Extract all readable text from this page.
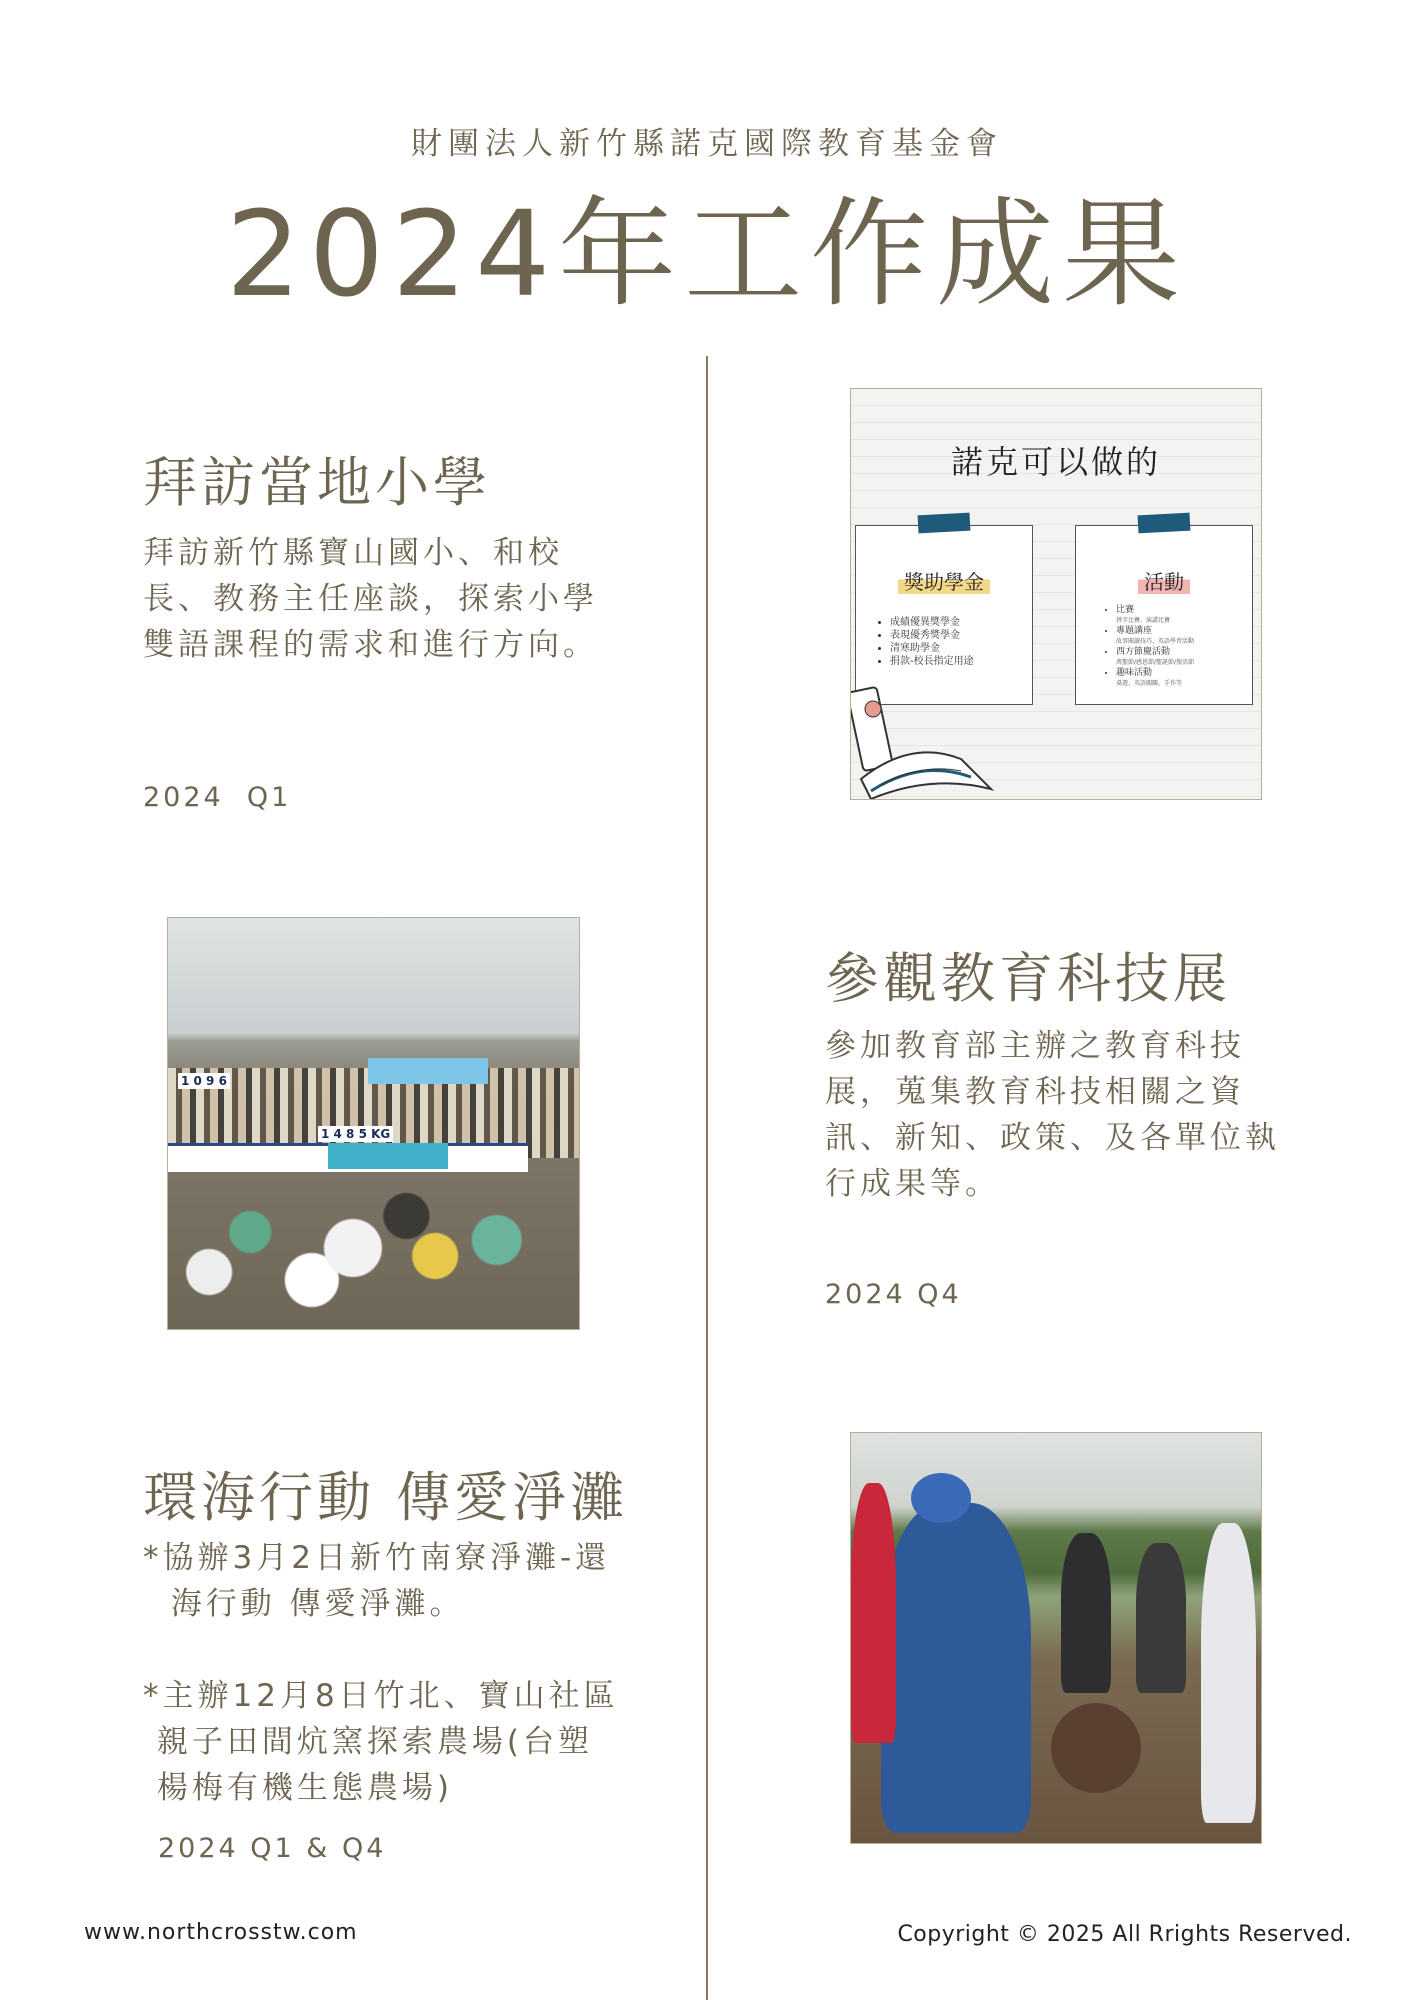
財團法人新竹縣諾克國際教育基金會
2024年工作成果
拜訪當地小學
拜訪新竹縣寶山國小、和校
長、教務主任座談，探索小學
雙語課程的需求和進行方向。
2024  Q1
諾克可以做的
獎助學金
• 成績優異獎學金
• 表現優秀獎學金
• 清寒助學金
• 捐款-校長指定用途
活動
• 比賽
拼字比賽、演講比賽
• 專題講座
故事閱讀技巧、英語學習活動
• 西方節慶活動
萬聖節/感恩節/聖誕節/復活節
• 趣味活動
桌遊、英語闖關、手作等
1 0 9 6
1 4 8 5 KG
參觀教育科技展
參加教育部主辦之教育科技
展，蒐集教育科技相關之資
訊、新知、政策、及各單位執
行成果等。
2024 Q4
環海行動 傳愛淨灘
*協辦3月2日新竹南寮淨灘-還
海行動 傳愛淨灘。
*主辦12月8日竹北、寶山社區
親子田間炕窯探索農場(台塑
楊梅有機生態農場)
2024 Q1 & Q4
www.northcrosstw.com	Copyright © 2025 All Rrights Reserved.
